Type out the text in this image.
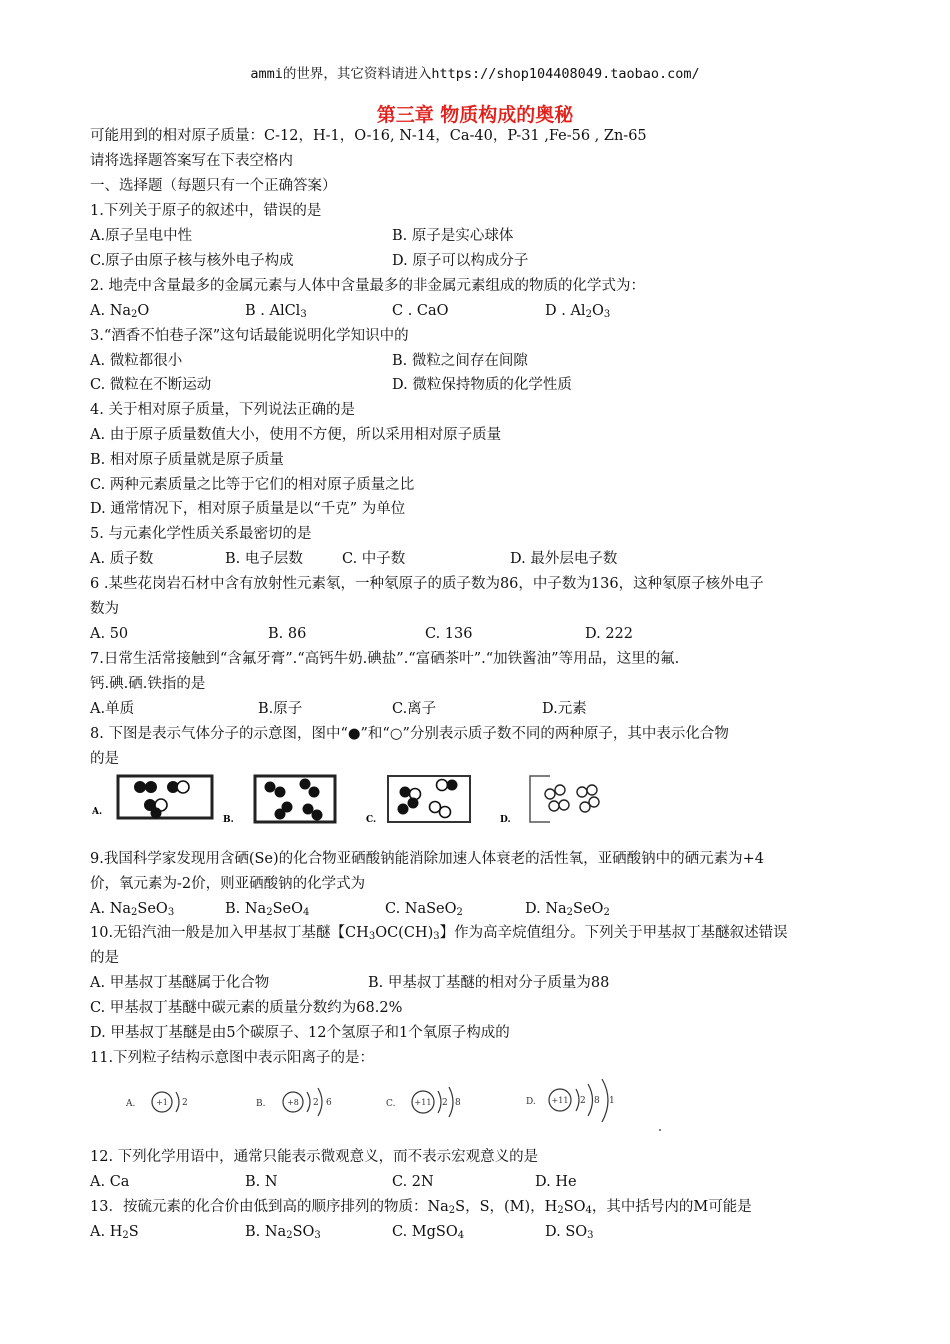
ammi的世界，其它资料请进入https://shop104408049.taobao.com/
第三章 物质构成的奥秘
可能用到的相对原子质量：C-12，H-1，O-16, N-14，Ca-40，P-31 ,Fe-56 , Zn-65
请将选择题答案写在下表空格内
一、选择题（每题只有一个正确答案）
1.下列关于原子的叙述中，错误的是
A.原子呈电中性	B. 原子是实心球体
C.原子由原子核与核外电子构成	D. 原子可以构成分子
2. 地壳中含量最多的金属元素与人体中含量最多的非金属元素组成的物质的化学式为：
A. $Na_2O$	B . AlCl$_3$	C . CaO	D . $Al_2O_3$
3.“酒香不怕巷子深”这句话最能说明化学知识中的
A. 微粒都很小	B. 微粒之间存在间隙
C. 微粒在不断运动	D. 微粒保持物质的化学性质
4. 关于相对原子质量，下列说法正确的是
A. 由于原子质量数值大小，使用不方便，所以采用相对原子质量
B. 相对原子质量就是原子质量
C. 两种元素质量之比等于它们的相对原子质量之比
D. 通常情况下，相对原子质量是以“千克” 为单位
5. 与元素化学性质关系最密切的是
A. 质子数	B. 电子层数	C. 中子数	D. 最外层电子数
6 .某些花岗岩石材中含有放射性元素氡，一种氡原子的质子数为86，中子数为136，这种氡原子核外电子
数为
A. 50	B. 86	C. 136	D. 222
7.日常生活常接触到“含氟牙膏”.“高钙牛奶.碘盐”.“富硒茶叶”.“加铁酱油”等用品，这里的氟.
钙.碘.硒.铁指的是
A.单质	B.原子	C.离子	D.元素
8. 下图是表示气体分子的示意图，图中“●”和“○”分别表示质子数不同的两种原子，其中表示化合物
的是
A.
B.	C.	D.
9.我国科学家发现用含硒(Se)的化合物亚硒酸钠能消除加速人体衰老的活性氧，亚硒酸钠中的硒元素为+4
价，氧元素为-2价，则亚硒酸钠的化学式为
A. $Na_2SeO_3$	B. $Na_2SeO_4$	C. NaSeO$_2$	D. $Na_2SeO_2$
10.无铅汽油一般是加入甲基叔丁基醚【$CH_3OC(CH)_3$】作为高辛烷值组分。下列关于甲基叔丁基醚叙述错误
的是
A. 甲基叔丁基醚属于化合物	B. 甲基叔丁基醚的相对分子质量为88
C. 甲基叔丁基醚中碳元素的质量分数约为68.2%
D. 甲基叔丁基醚是由5个碳原子、12个氢原子和1个氧原子构成的
11.下列粒子结构示意图中表示阳离子的是：
A.	+1 2	B.	+8 2 6	C. +11 2 8	D. +11 2 8 1
12. 下列化学用语中，通常只能表示微观意义，而不表示宏观意义的是
A. Ca	B. N	C. 2N	D. He
13．按硫元素的化合价由低到高的顺序排列的物质：$Na_2S$，S，(M)，$H_2SO_4$，其中括号内的M可能是
A. $H_2S$	B. $Na_2SO_3$	C. MgSO$_4$	D. $SO_3$
